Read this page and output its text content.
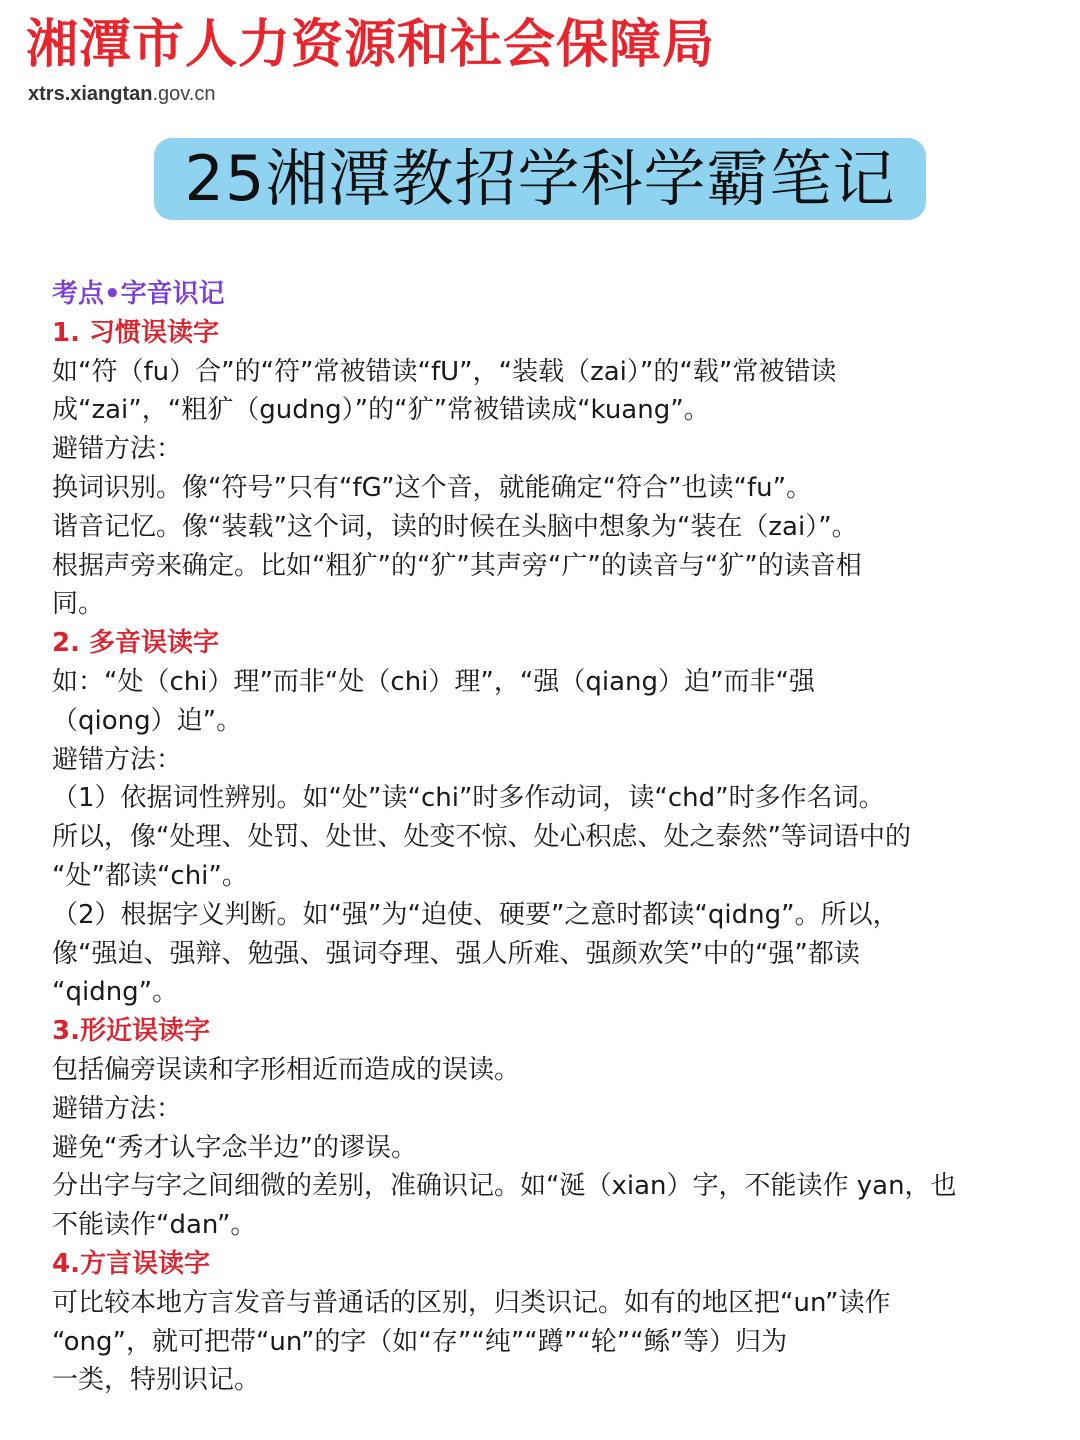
湘潭市人力资源和社会保障局
xtrs.xiangtan.gov.cn
25湘潭教招学科学霸笔记
考点•字音识记
1. 习惯误读字
如“符（fu）合”的“符”常被错读“fU”，“装载（zai）”的“载”常被错读
成“zai”，“粗犷（gudng）”的“犷”常被错读成“kuang”。
避错方法：
换词识别。像“符号”只有“fG”这个音，就能确定“符合”也读“fu”。
谐音记忆。像“装载”这个词，读的时候在头脑中想象为“装在（zai）”。
根据声旁来确定。比如“粗犷”的“犷”其声旁“广”的读音与“犷”的读音相
同。
2. 多音误读字
如：“处（chi）理”而非“处（chi）理”，“强（qiang）迫”而非“强
（qiong）迫”。
避错方法：
（1）依据词性辨别。如“处”读“chi”时多作动词，读“chd”时多作名词。
所以，像“处理、处罚、处世、处变不惊、处心积虑、处之泰然”等词语中的
“处”都读“chi”。
（2）根据字义判断。如“强”为“迫使、硬要”之意时都读“qidng”。所以，
像“强迫、强辩、勉强、强词夺理、强人所难、强颜欢笑”中的“强”都读
“qidng”。
3.形近误读字
包括偏旁误读和字形相近而造成的误读。
避错方法：
避免“秀才认字念半边”的谬误。
分出字与字之间细微的差别，准确识记。如“涎（xian）字，不能读作 yan，也
不能读作“dan”。
4.方言误读字
可比较本地方言发音与普通话的区别，归类识记。如有的地区把“un”读作
“ong”，就可把带“un”的字（如“存”“纯”“蹲”“轮”“鲧”等）归为
一类，特别识记。
